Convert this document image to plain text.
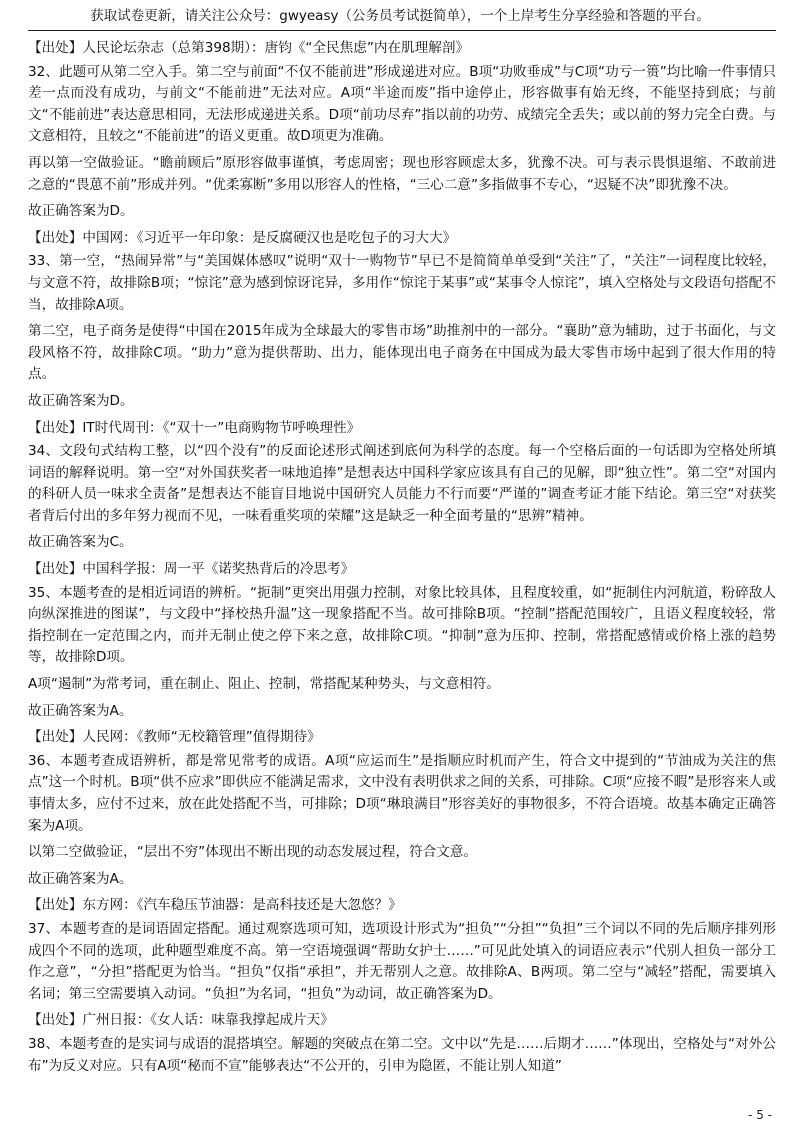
获取试卷更新，请关注公众号：gwyeasy（公务员考试挺简单），一个上岸考生分享经验和答题的平台。

【出处】人民论坛杂志（总第398期）：唐钧《“全民焦虑”内在肌理解剖》

32、此题可从第二空入手。第二空与前面“不仅不能前进”形成递进对应。B项“功败垂成”与C项“功亏一篑”均比喻一件事情只差一点而没有成功，与前文“不能前进”无法对应。A项“半途而废”指中途停止，形容做事有始无终，不能坚持到底；与前文“不能前进”表达意思相同，无法形成递进关系。D项“前功尽弃”指以前的功劳、成绩完全丢失；或以前的努力完全白费。与文意相符，且较之“不能前进”的语义更重。故D项更为准确。

再以第一空做验证。“瞻前顾后”原形容做事谨慎，考虑周密；现也形容顾虑太多，犹豫不决。可与表示畏惧退缩、不敢前进之意的“畏葸不前”形成并列。“优柔寡断”多用以形容人的性格，“三心二意”多指做事不专心，“迟疑不决”即犹豫不决。

故正确答案为D。

【出处】中国网：《习近平一年印象：是反腐硬汉也是吃包子的习大大》

33、第一空，“热闹异常”与“美国媒体感叹”说明“双十一购物节”早已不是简简单单受到“关注”了，“关注”一词程度比较轻，与文意不符，故排除B项；“惊诧”意为感到惊讶诧异，多用作“惊诧于某事”或“某事令人惊诧”，填入空格处与文段语句搭配不当，故排除A项。

第二空，电子商务是使得“中国在2015年成为全球最大的零售市场”助推剂中的一部分。“襄助”意为辅助，过于书面化，与文段风格不符，故排除C项。“助力”意为提供帮助、出力，能体现出电子商务在中国成为最大零售市场中起到了很大作用的特点。

故正确答案为D。

【出处】IT时代周刊：《“双十一”电商购物节呼唤理性》

34、文段句式结构工整，以“四个没有”的反面论述形式阐述到底何为科学的态度。每一个空格后面的一句话即为空格处所填词语的解释说明。第一空“对外国获奖者一味地追捧”是想表达中国科学家应该具有自己的见解，即“独立性”。第二空“对国内的科研人员一味求全责备”是想表达不能盲目地说中国研究人员能力不行而要“严谨的”调查考证才能下结论。第三空“对获奖者背后付出的多年努力视而不见，一味看重奖项的荣耀”这是缺乏一种全面考量的“思辨”精神。

故正确答案为C。

【出处】中国科学报：周一平《诺奖热背后的冷思考》

35、本题考查的是相近词语的辨析。“扼制”更突出用强力控制，对象比较具体，且程度较重，如“扼制住内河航道，粉碎敌人向纵深推进的图谋”，与文段中“择校热升温”这一现象搭配不当。故可排除B项。“控制”搭配范围较广，且语义程度较轻，常指控制在一定范围之内，而并无制止使之停下来之意，故排除C项。“抑制”意为压抑、控制，常搭配感情或价格上涨的趋势等，故排除D项。

A项“遏制”为常考词，重在制止、阻止、控制，常搭配某种势头，与文意相符。

故正确答案为A。

【出处】人民网：《教师“无校籍管理”值得期待》

36、本题考查成语辨析，都是常见常考的成语。A项“应运而生”是指顺应时机而产生，符合文中提到的“节油成为关注的焦点”这一个时机。B项“供不应求”即供应不能满足需求，文中没有表明供求之间的关系，可排除。C项“应接不暇”是形容来人或事情太多，应付不过来，放在此处搭配不当，可排除；D项“琳琅满目”形容美好的事物很多，不符合语境。故基本确定正确答案为A项。

以第二空做验证，“层出不穷”体现出不断出现的动态发展过程，符合文意。

故正确答案为A。

【出处】东方网：《汽车稳压节油器：是高科技还是大忽悠？》

37、本题考查的是词语固定搭配。通过观察选项可知，选项设计形式为“担负”“分担”“负担”三个词以不同的先后顺序排列形成四个不同的选项，此种题型难度不高。第一空语境强调“帮助女护士……”可见此处填入的词语应表示“代别人担负一部分工作之意”，“分担”搭配更为恰当。“担负”仅指“承担”，并无帮别人之意。故排除A、B两项。第二空与“减轻”搭配，需要填入名词；第三空需要填入动词。“负担”为名词，“担负”为动词，故正确答案为D。

【出处】广州日报：《女人话：味靠我撑起成片天》

38、本题考查的是实词与成语的混搭填空。解题的突破点在第二空。文中以“先是……后期才……”体现出，空格处与“对外公布”为反义对应。只有A项“秘而不宣”能够表达“不公开的，引申为隐匿，不能让别人知道”

- 5 -
